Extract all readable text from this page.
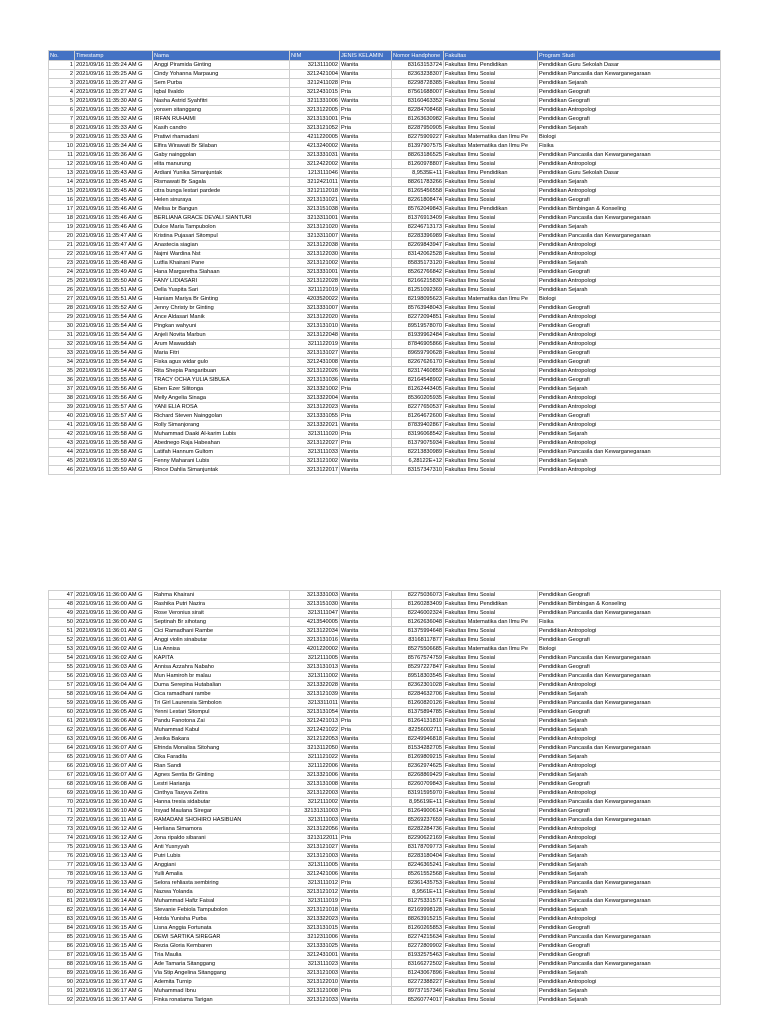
No.	Timestamp	Nama	NIM	JENIS KELAMIN	Nomor Handphone	Fakultas	Program Studi
1	2021/09/16 11:35:24 AM G	Anggi Piramida Ginting	3213111002	Wanita	83163153724	Fakultas Ilmu Pendidikan	Pendidikan Guru Sekolah Dasar
2	2021/09/16 11:35:25 AM G	Cindy Yohanna Marpaung	3212421004	Wanita	82363238307	Fakultas Ilmu Sosial	Pendidikan Pancasila dan Kewarganegaraan
3	2021/09/16 11:35:27 AM G	Sem Purba	3212411028	Pria	82298728385	Fakultas Ilmu Sosial	Pendidikan Sejarah
4	2021/09/16 11:35:27 AM G	Iqbal Ilvaldo	3212431015	Pria	87561688007	Fakultas Ilmu Sosial	Pendidikan Geografi
5	2021/09/16 11:35:30 AM G	Nasha Astrid Syahfitri	3211331006	Wanita	83160463352	Fakultas Ilmu Sosial	Pendidikan Geografi
6	2021/09/16 11:35:32 AM G	yonsen sitanggang	3213122005	Pria	82284708468	Fakultas Ilmu Sosial	Pendidikan Antropologi
7	2021/09/16 11:35:32 AM G	IRFAN RUHAIMI	3213131001	Pria	81263630982	Fakultas Ilmu Sosial	Pendidikan Geografi
8	2021/09/16 11:35:33 AM G	Kasih candro	3213121052	Pria	82287950905	Fakultas Ilmu Sosial	Pendidikan Sejarah
9	2021/09/16 11:35:33 AM G	Pratiwi rhamadani	4211220005	Wanita	82275909227	Fakultas Matematika dan Ilmu Pe	Biologi
10	2021/09/16 11:35:34 AM G	Elfira Wirawati Br Silaban	4213240002	Wanita	81397907575	Fakultas Matematika dan Ilmu Pe	Fisika
11	2021/09/16 11:35:36 AM G	Gaby nainggolan	3213331031	Wanita	88263186525	Fakultas Ilmu Sosial	Pendidikan Pancasila dan Kewarganegaraan
12	2021/09/16 11:35:40 AM G	elita manurung	3212422002	Wanita	81260978807	Fakultas Ilmu Sosial	Pendidikan Antropologi
13	2021/09/16 11:35:43 AM G	Ardiani Yunika Simanjuntak	1213111046	Wanita	8,9535E+11	Fakultas Ilmu Pendidikan	Pendidikan Guru Sekolah Dasar
14	2021/09/16 11:35:45 AM G	Rismawati Br Sagala	3212421011	Wanita	88261783266	Fakultas Ilmu Sosial	Pendidikan Sejarah
15	2021/09/16 11:35:45 AM G	citra bunga lestari pardede	3212112018	Wanita	81265456558	Fakultas Ilmu Sosial	Pendidikan Antropologi
16	2021/09/16 11:35:45 AM G	Helen sinuraya	3213131021	Wanita	82261808474	Fakultas Ilmu Sosial	Pendidikan Geografi
17	2021/09/16 11:35:46 AM G	Melisa br Bangun	3213151038	Wanita	85762049843	Fakultas Ilmu Pendidikan	Pendidikan Bimbingan & Konseling
18	2021/09/16 11:35:46 AM G	BERLIANA GRACE DEVALI SIANTURI	3213311001	Wanita	81376913409	Fakultas Ilmu Sosial	Pendidikan Pancasila dan Kewarganegaraan
19	2021/09/16 11:35:46 AM G	Dulce Maria Tampubolon	3213121020	Wanita	82246713173	Fakultas Ilmu Sosial	Pendidikan Sejarah
20	2021/09/16 11:35:47 AM G	Kristina Pujasari Sitompul	3213311007	Wanita	82283396989	Fakultas Ilmu Sosial	Pendidikan Pancasila dan Kewarganegaraan
21	2021/09/16 11:35:47 AM G	Anastecia siagian	3213122038	Wanita	82269843947	Fakultas Ilmu Sosial	Pendidikan Antropologi
22	2021/09/16 11:35:47 AM G	Najmi Wardina Nst	3213122030	Wanita	83142062528	Fakultas Ilmu Sosial	Pendidikan Antropologi
23	2021/09/16 11:35:48 AM G	Lutfia Khairani Pane	3213121002	Wanita	85835173120	Fakultas Ilmu Sosial	Pendidikan Sejarah
24	2021/09/16 11:35:49 AM G	Hana Margaretha Siahaan	3213331001	Wanita	85262766842	Fakultas Ilmu Sosial	Pendidikan Geografi
25	2021/09/16 11:35:50 AM G	FANY LIDIASARI	3213122028	Wanita	82166215830	Fakultas Ilmu Sosial	Pendidikan Antropologi
26	2021/09/16 11:35:51 AM G	Della Yuspita Sari	3211121019	Wanita	81251092369	Fakultas Ilmu Sosial	Pendidikan Sejarah
27	2021/09/16 11:35:51 AM G	Haniam Mariya Br Ginting	4203520022	Wanita	82198095623	Fakultas Matematika dan Ilmu Pe	Biologi
28	2021/09/16 11:35:52 AM G	Jenny Christy br Ginting	3213331007	Wanita	85763948043	Fakultas Ilmu Sosial	Pendidikan Geografi
29	2021/09/16 11:35:54 AM G	Ance Aldasari Manik	3213122020	Wanita	82272094851	Fakultas Ilmu Sosial	Pendidikan Antropologi
30	2021/09/16 11:35:54 AM G	Pingkan wahyuni	3213131010	Wanita	89519578070	Fakultas Ilmu Sosial	Pendidikan Geografi
31	2021/09/16 11:35:54 AM G	Anjeli Novita Marbun	3213122048	Wanita	81939962484	Fakultas Ilmu Sosial	Pendidikan Antropologi
32	2021/09/16 11:35:54 AM G	Arum Mawaddah	3211122019	Wanita	87846905866	Fakultas Ilmu Sosial	Pendidikan Antropologi
33	2021/09/16 11:35:54 AM G	Maria Fitri	3213131027	Wanita	89659790628	Fakultas Ilmu Sosial	Pendidikan Geografi
34	2021/09/16 11:35:54 AM G	Fiska agus widar gulo	3212431008	Wanita	82267626170	Fakultas Ilmu Sosial	Pendidikan Geografi
35	2021/09/16 11:35:54 AM G	Rita Shepia Pangaribuan	3213122026	Wanita	82317460859	Fakultas Ilmu Sosial	Pendidikan Antropologi
36	2021/09/16 11:35:55 AM G	TRACY OCHA YULIA SIBUEA	3213131036	Wanita	82164548902	Fakultas Ilmu Sosial	Pendidikan Geografi
37	2021/09/16 11:35:56 AM G	Eben Ezer Silitonga	3213321002	Pria	81262443405	Fakultas Ilmu Sosial	Pendidikan Sejarah
38	2021/09/16 11:35:56 AM G	Melly Angelia Sinaga	3213322004	Wanita	85360205935	Fakultas Ilmu Sosial	Pendidikan Antropologi
39	2021/09/16 11:35:57 AM G	YANI ELIA ROSA	3213122023	Wanita	82277650537	Fakultas Ilmu Sosial	Pendidikan Antropologi
40	2021/09/16 11:35:57 AM G	Richard Steven Nainggolan	3213331055	Pria	81264672600	Fakultas Ilmu Sosial	Pendidikan Geografi
41	2021/09/16 11:35:58 AM G	Rolly Simanjorang	3213322021	Wanita	87839402867	Fakultas Ilmu Sosial	Pendidikan Antropologi
42	2021/09/16 11:35:58 AM G	Muhammad Daaki Al-karim Lubis	3213111020	Pria	83196068542	Fakultas Ilmu Sosial	Pendidikan Sejarah
43	2021/09/16 11:35:58 AM G	Abednego Raja Habeahan	3213122027	Pria	81379075934	Fakultas Ilmu Sosial	Pendidikan Antropologi
44	2021/09/16 11:35:58 AM G	Latifah Hannum Gultom	3213111033	Wanita	82213830989	Fakultas Ilmu Sosial	Pendidikan Pancasila dan Kewarganegaraan
45	2021/09/16 11:35:59 AM G	Fenny Maharani Lubis	3213121002	Wanita	6,28122E+12	Fakultas Ilmu Sosial	Pendidikan Sejarah
46	2021/09/16 11:35:59 AM G	Rince Dahlia Simanjuntak	3213122017	Wanita	83157347310	Fakultas Ilmu Sosial	Pendidikan Antropologi
47	2021/09/16 11:36:00 AM G	Rahma Khairani	3213331003	Wanita	82275036073	Fakultas Ilmu Sosial	Pendidikan Geografi
48	2021/09/16 11:36:00 AM G	Rashika Putri Nazira	3213151030	Wanita	81260283409	Fakultas Ilmu Pendidikan	Pendidikan Bimbingan & Konseling
49	2021/09/16 11:36:00 AM G	Rose Veronius sirait	3213111047	Wanita	82246002324	Fakultas Ilmu Sosial	Pendidikan Pancasila dan Kewarganegaraan
50	2021/09/16 11:36:00 AM G	Septinah Br sihotang	4213540005	Wanita	81262636048	Fakultas Matematika dan Ilmu Pe	Fisika
51	2021/09/16 11:36:01 AM G	Cici Ramadhani Rambe	3213122034	Wanita	81375994648	Fakultas Ilmu Sosial	Pendidikan Antropologi
52	2021/09/16 11:36:01 AM G	Anggi violin sinabutar	3213131016	Wanita	83168117877	Fakultas Ilmu Sosial	Pendidikan Geografi
53	2021/09/16 11:36:02 AM G	Lia Annisa	4201220002	Wanita	85275506685	Fakultas Matematika dan Ilmu Pe	Biologi
54	2021/09/16 11:36:02 AM G	KAPITA	3212111005	Wanita	85767574759	Fakultas Ilmu Sosial	Pendidikan Pancasila dan Kewarganegaraan
55	2021/09/16 11:36:03 AM G	Annisa Azzahra Nabaho	3213131013	Wanita	85297227847	Fakultas Ilmu Sosial	Pendidikan Geografi
56	2021/09/16 11:36:03 AM G	Mun Hamiroh br malau	3213111002	Wanita	89518303545	Fakultas Ilmu Sosial	Pendidikan Pancasila dan Kewarganegaraan
57	2021/09/16 11:36:04 AM G	Duma Serepina Hutabalian	3213322028	Wanita	82362301028	Fakultas Ilmu Sosial	Pendidikan Antropologi
58	2021/09/16 11:36:04 AM G	Cica ramadhani rambe	3213121039	Wanita	82284632706	Fakultas Ilmu Sosial	Pendidikan Sejarah
59	2021/09/16 11:36:05 AM G	Tri Girl Laurensia Simbolon	3213311011	Wanita	81260820126	Fakultas Ilmu Sosial	Pendidikan Pancasila dan Kewarganegaraan
60	2021/09/16 11:36:05 AM G	Yenni Lestari Sitompul	3213131054	Wanita	81375894785	Fakultas Ilmu Sosial	Pendidikan Geografi
61	2021/09/16 11:36:06 AM G	Pandu Fanotona Zai	3212421013	Pria	81264131810	Fakultas Ilmu Sosial	Pendidikan Sejarah
62	2021/09/16 11:36:06 AM G	Muhammad Kabul	3212421022	Pria	82256002711	Fakultas Ilmu Sosial	Pendidikan Sejarah
63	2021/09/16 11:36:06 AM G	Jesika Bakara	3212122053	Wanita	82249946818	Fakultas Ilmu Sosial	Pendidikan Antropologi
64	2021/09/16 11:36:07 AM G	Efrinda Monalisa Sitohang	3213112050	Wanita	81534282705	Fakultas Ilmu Sosial	Pendidikan Pancasila dan Kewarganegaraan
65	2021/09/16 11:36:07 AM G	Cika Faradila	3211121022	Wanita	81269809215	Fakultas Ilmu Sosial	Pendidikan Sejarah
66	2021/09/16 11:36:07 AM G	Rian Sandi	3211122006	Wanita	82362974625	Fakultas Ilmu Sosial	Pendidikan Antropologi
67	2021/09/16 11:36:07 AM G	Agnes Sentia Br Ginting	3213321006	Wanita	82268869429	Fakultas Ilmu Sosial	Pendidikan Sejarah
68	2021/09/16 11:36:08 AM G	Lestri Harianja	3213131008	Wanita	82260709843	Fakultas Ilmu Sosial	Pendidikan Geografi
69	2021/09/16 11:36:10 AM G	Cinthya Tasyva Zetira	3213122003	Wanita	83191595970	Fakultas Ilmu Sosial	Pendidikan Antropologi
70	2021/09/16 11:36:10 AM G	Hanna tresia sidabutar	3212111002	Wanita	8,95619E+11	Fakultas Ilmu Sosial	Pendidikan Pancasila dan Kewarganegaraan
71	2021/09/16 11:36:10 AM G	Irsyad Maulana Siregar	32131311003	Pria	81264900614	Fakultas Ilmu Sosial	Pendidikan Geografi
72	2021/09/16 11:36:11 AM G	RAMADANI SHOHIRO HASIBUAN	3213111003	Wanita	85269237659	Fakultas Ilmu Sosial	Pendidikan Pancasila dan Kewarganegaraan
73	2021/09/16 11:36:12 AM G	Herliana Simamora	3213122056	Wanita	82282284736	Fakultas Ilmu Sosial	Pendidikan Antropologi
74	2021/09/16 11:36:12 AM G	Jona ripaldo sibarani	3213122011	Pria	82290622169	Fakultas Ilmu Sosial	Pendidikan Antropologi
75	2021/09/16 11:36:13 AM G	Anti Yusnyyah	3213121027	Wanita	83178709773	Fakultas Ilmu Sosial	Pendidikan Sejarah
76	2021/09/16 11:36:13 AM G	Putri Lubis	3213121003	Wanita	82283180404	Fakultas Ilmu Sosial	Pendidikan Sejarah
77	2021/09/16 11:36:13 AM G	Anggiani	3213111005	Wanita	82246365241	Fakultas Ilmu Sosial	Pendidikan Sejarah
78	2021/09/16 11:36:13 AM G	Yulli Amalia	3212421006	Wanita	85261552568	Fakultas Ilmu Sosial	Pendidikan Sejarah
79	2021/09/16 11:36:13 AM G	Selora rehliasta sembiring	3213111012	Pria	82361435753	Fakultas Ilmu Sosial	Pendidikan Pancasila dan Kewarganegaraan
80	2021/09/16 11:36:14 AM G	Nazwa Yolanda	3213121012	Wanita	8,9561E+11	Fakultas Ilmu Sosial	Pendidikan Sejarah
81	2021/09/16 11:36:14 AM G	Muhammad Hafiz Faisal	3213111019	Pria	81275331571	Fakultas Ilmu Sosial	Pendidikan Pancasila dan Kewarganegaraan
82	2021/09/16 11:36:14 AM G	Stevanie Febiola Tampubolon	3213121018	Wanita	82169998128	Fakultas Ilmu Sosial	Pendidikan Sejarah
83	2021/09/16 11:36:15 AM G	Hotda Yunisha Purba	3213322023	Wanita	88263915215	Fakultas Ilmu Sosial	Pendidikan Antropologi
84	2021/09/16 11:36:15 AM G	Lisna Anggia Fortunata	3213131015	Wanita	81260265853	Fakultas Ilmu Sosial	Pendidikan Geografi
85	2021/09/16 11:36:15 AM G	DEWI SARTIKA SIREGAR	3212311006	Wanita	82274215634	Fakultas Ilmu Sosial	Pendidikan Pancasila dan Kewarganegaraan
86	2021/09/16 11:36:15 AM G	Rezia Gloria Kembaren	3213331025	Wanita	82272809902	Fakultas Ilmu Sosial	Pendidikan Geografi
87	2021/09/16 11:36:15 AM G	Tria Maulia	3212431001	Wanita	81932575463	Fakultas Ilmu Sosial	Pendidikan Geografi
88	2021/09/16 11:36:15 AM G	Ade Tamaria Sitanggang	3213111023	Wanita	83166272502	Fakultas Ilmu Sosial	Pendidikan Pancasila dan Kewarganegaraan
89	2021/09/16 11:36:16 AM G	Via Stip Angelina Sitanggang	3213121003	Wanita	81243067896	Fakultas Ilmu Sosial	Pendidikan Sejarah
90	2021/09/16 11:36:17 AM G	Ademita Turnip	3213122010	Wanita	82272388227	Fakultas Ilmu Sosial	Pendidikan Antropologi
91	2021/09/16 11:36:17 AM G	Muhammad Ibnu	3213121008	Pria	89737157346	Fakultas Ilmu Sosial	Pendidikan Sejarah
92	2021/09/16 11:36:17 AM G	Finka ronatama Tarigan	3213121033	Wanita	85260774017	Fakultas Ilmu Sosial	Pendidikan Sejarah
